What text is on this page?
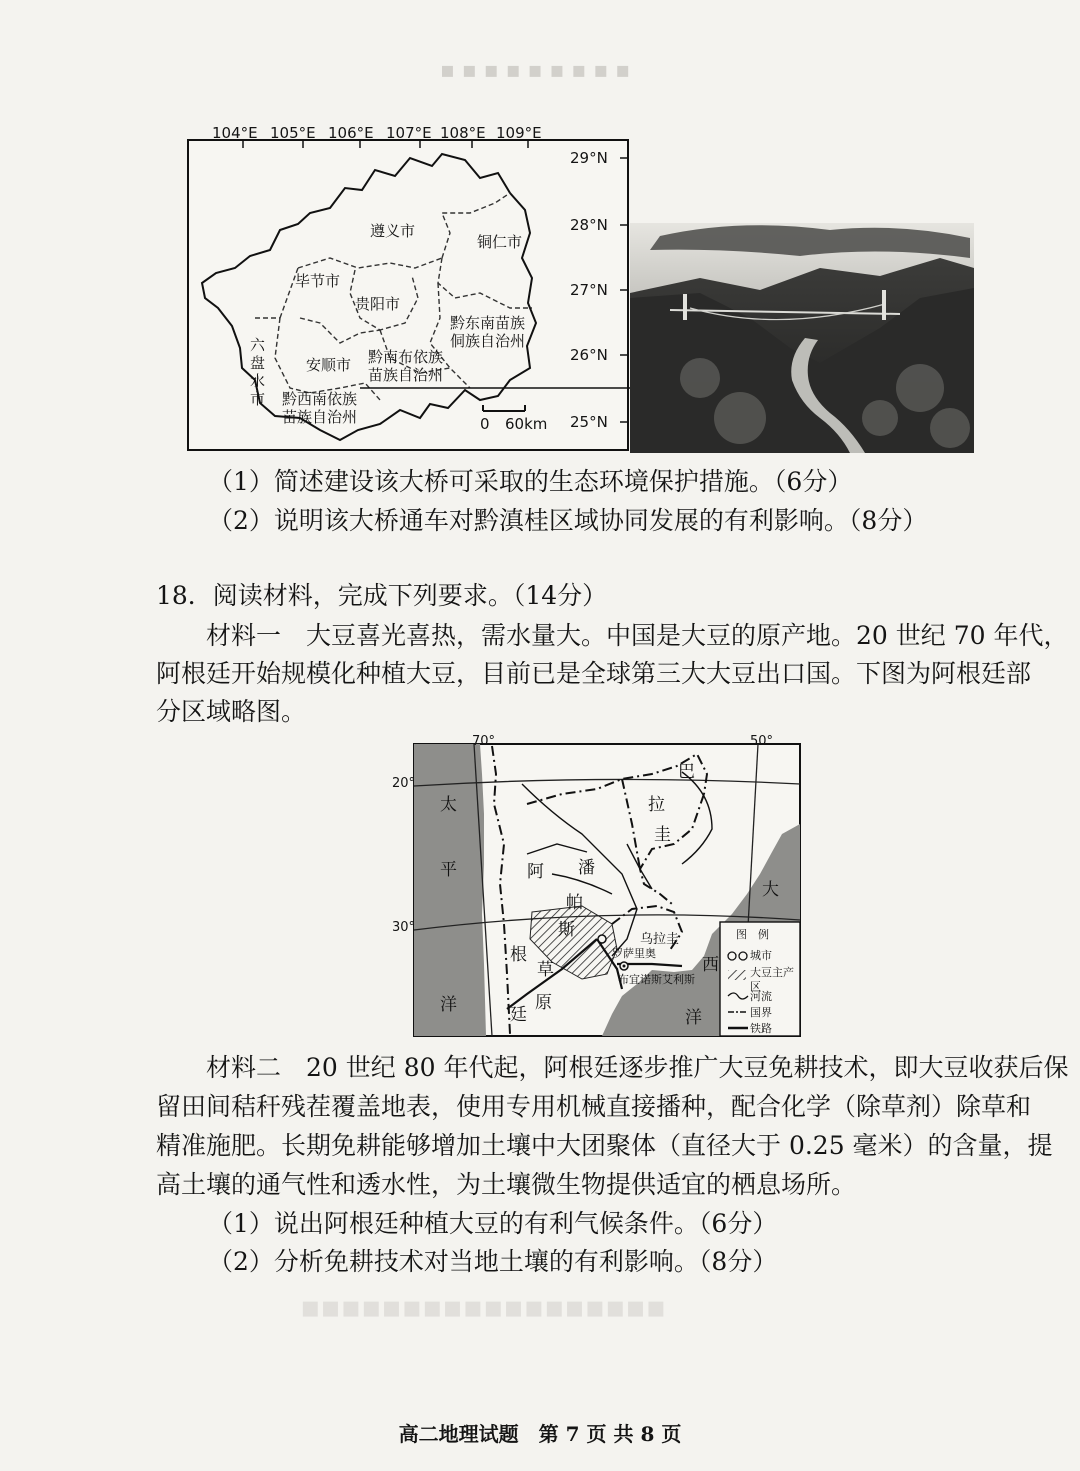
▪ ▪ ▪ ▪ ▪ ▪ ▪ ▪ ▪
104°E 105°E 106°E 107°E 108°E 109°E
29°N
28°N
27°N
26°N
25°N
遵义市
铜仁市
毕节市
贵阳市
黔东南苗族
侗族自治州
六
盘
水
市
安顺市 黔南布依族
苗族自治州
黔西南依族
苗族自治州	0 60km
（1）简述建设该大桥可采取的生态环境保护措施。（6分）
（2）说明该大桥通车对黔滇桂区域协同发展的有利影响。（8分）
18．阅读材料，完成下列要求。（14分）
材料一　大豆喜光喜热，需水量大。中国是大豆的原产地。20 世纪 70 年代，
阿根廷开始规模化种植大豆，目前已是全球第三大大豆出口国。下图为阿根廷部
分区域略图。
70°	50°
20°
30°
太
平
洋
大
西
洋
阿
根
廷
巴
拉
圭
乌拉圭
潘
帕
斯
草
原
罗萨里奥
布宜诺斯艾利斯
图　例
城市
大豆主产区
河流
国界
铁路
材料二　20 世纪 80 年代起，阿根廷逐步推广大豆免耕技术，即大豆收获后保
留田间秸秆残茬覆盖地表，使用专用机械直接播种，配合化学（除草剂）除草和
精准施肥。长期免耕能够增加土壤中大团聚体（直径大于 0.25 毫米）的含量，提
高土壤的通气性和透水性，为土壤微生物提供适宜的栖息场所。
（1）说出阿根廷种植大豆的有利气候条件。（6分）
（2）分析免耕技术对当地土壤的有利影响。（8分）
▪▪▪▪▪▪▪▪▪▪▪▪▪▪▪▪▪▪
高二地理试题　第 7 页 共 8 页
